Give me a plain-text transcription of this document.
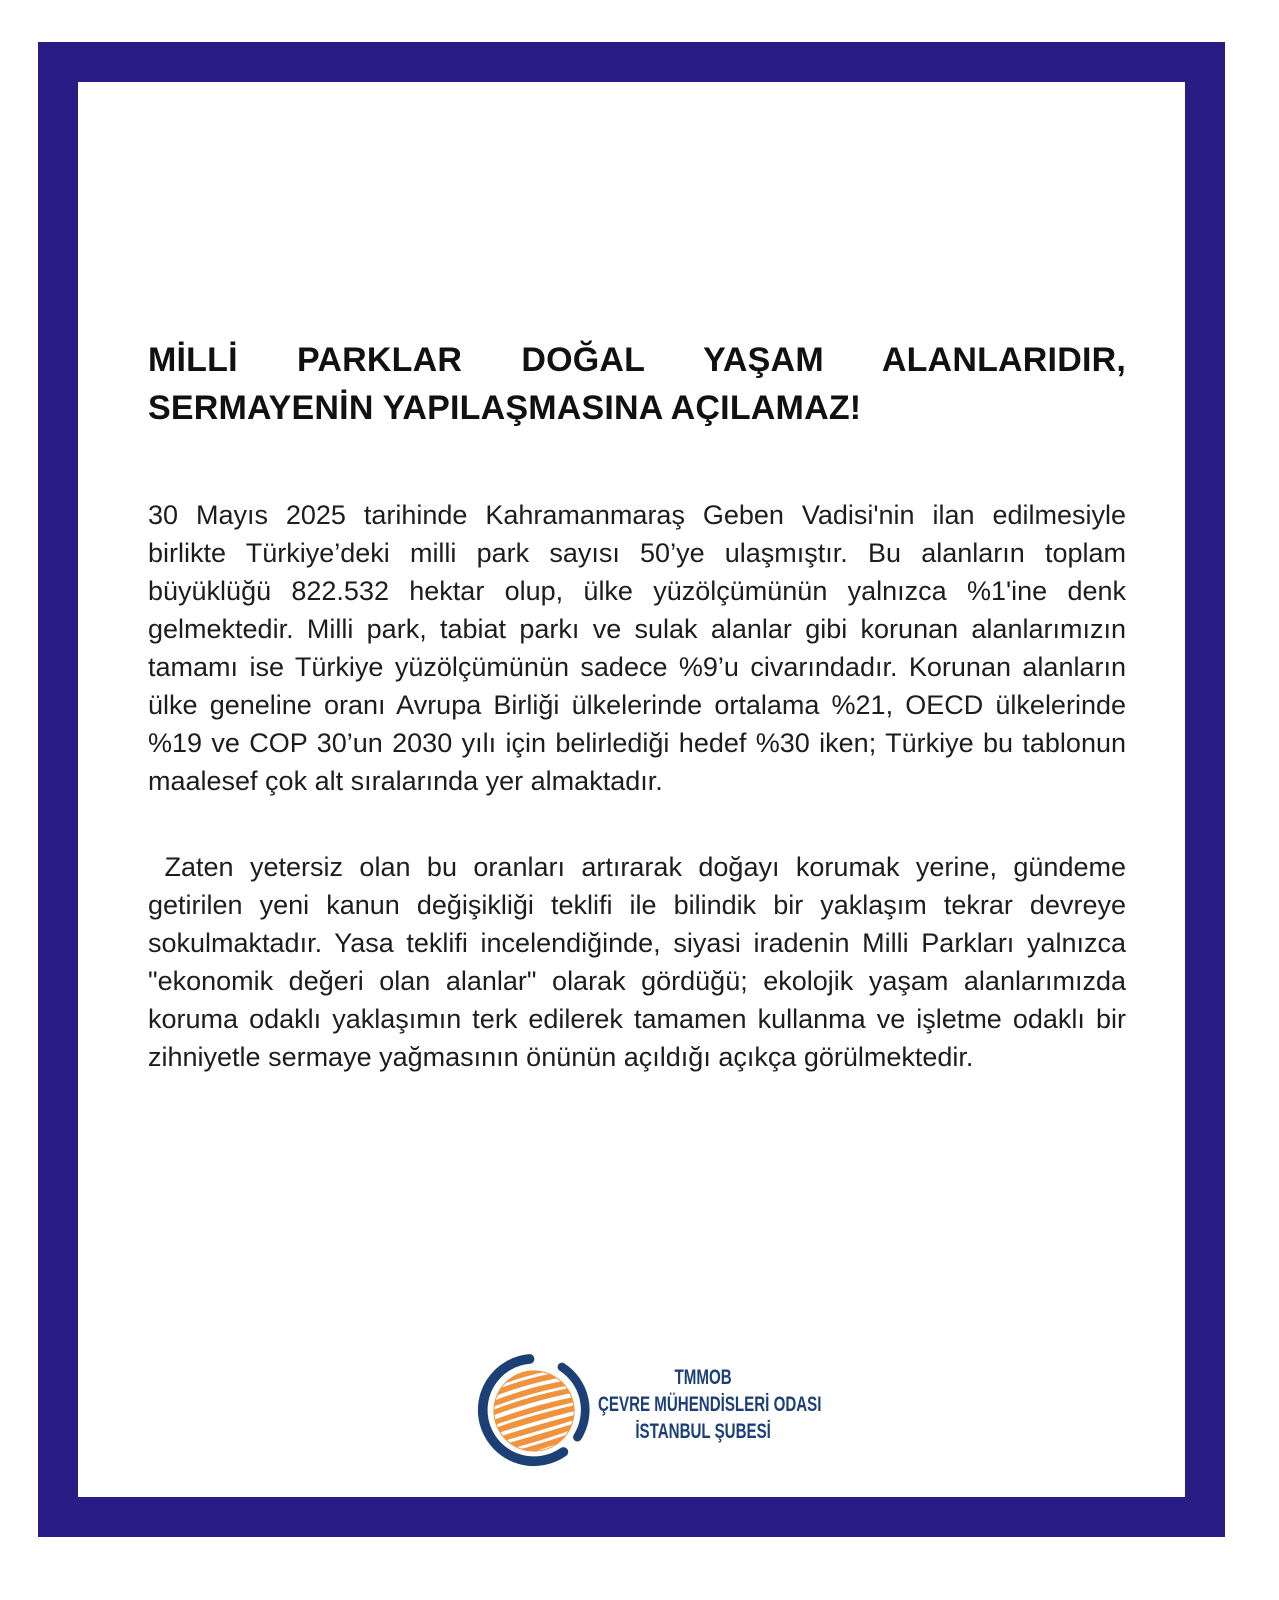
MİLLİ PARKLAR DOĞAL YAŞAM ALANLARIDIR, SERMAYENİN YAPILAŞMASINA AÇILAMAZ!

30 Mayıs 2025 tarihinde Kahramanmaraş Geben Vadisi'nin ilan edilmesiyle birlikte Türkiye’deki milli park sayısı 50’ye ulaşmıştır. Bu alanların toplam büyüklüğü 822.532 hektar olup, ülke yüzölçümünün yalnızca %1'ine denk gelmektedir. Milli park, tabiat parkı ve sulak alanlar gibi korunan alanlarımızın tamamı ise Türkiye yüzölçümünün sadece %9’u civarındadır. Korunan alanların ülke geneline oranı Avrupa Birliği ülkelerinde ortalama %21, OECD ülkelerinde %19 ve COP 30’un 2030 yılı için belirlediği hedef %30 iken; Türkiye bu tablonun maalesef çok alt sıralarında yer almaktadır.

Zaten yetersiz olan bu oranları artırarak doğayı korumak yerine, gündeme getirilen yeni kanun değişikliği teklifi ile bilindik bir yaklaşım tekrar devreye sokulmaktadır. Yasa teklifi incelendiğinde, siyasi iradenin Milli Parkları yalnızca "ekonomik değeri olan alanlar" olarak gördüğü; ekolojik yaşam alanlarımızda koruma odaklı yaklaşımın terk edilerek tamamen kullanma ve işletme odaklı bir zihniyetle sermaye yağmasının önünün açıldığı açıkça görülmektedir.

TMMOB
ÇEVRE MÜHENDİSLERİ ODASI
İSTANBUL ŞUBESİ
